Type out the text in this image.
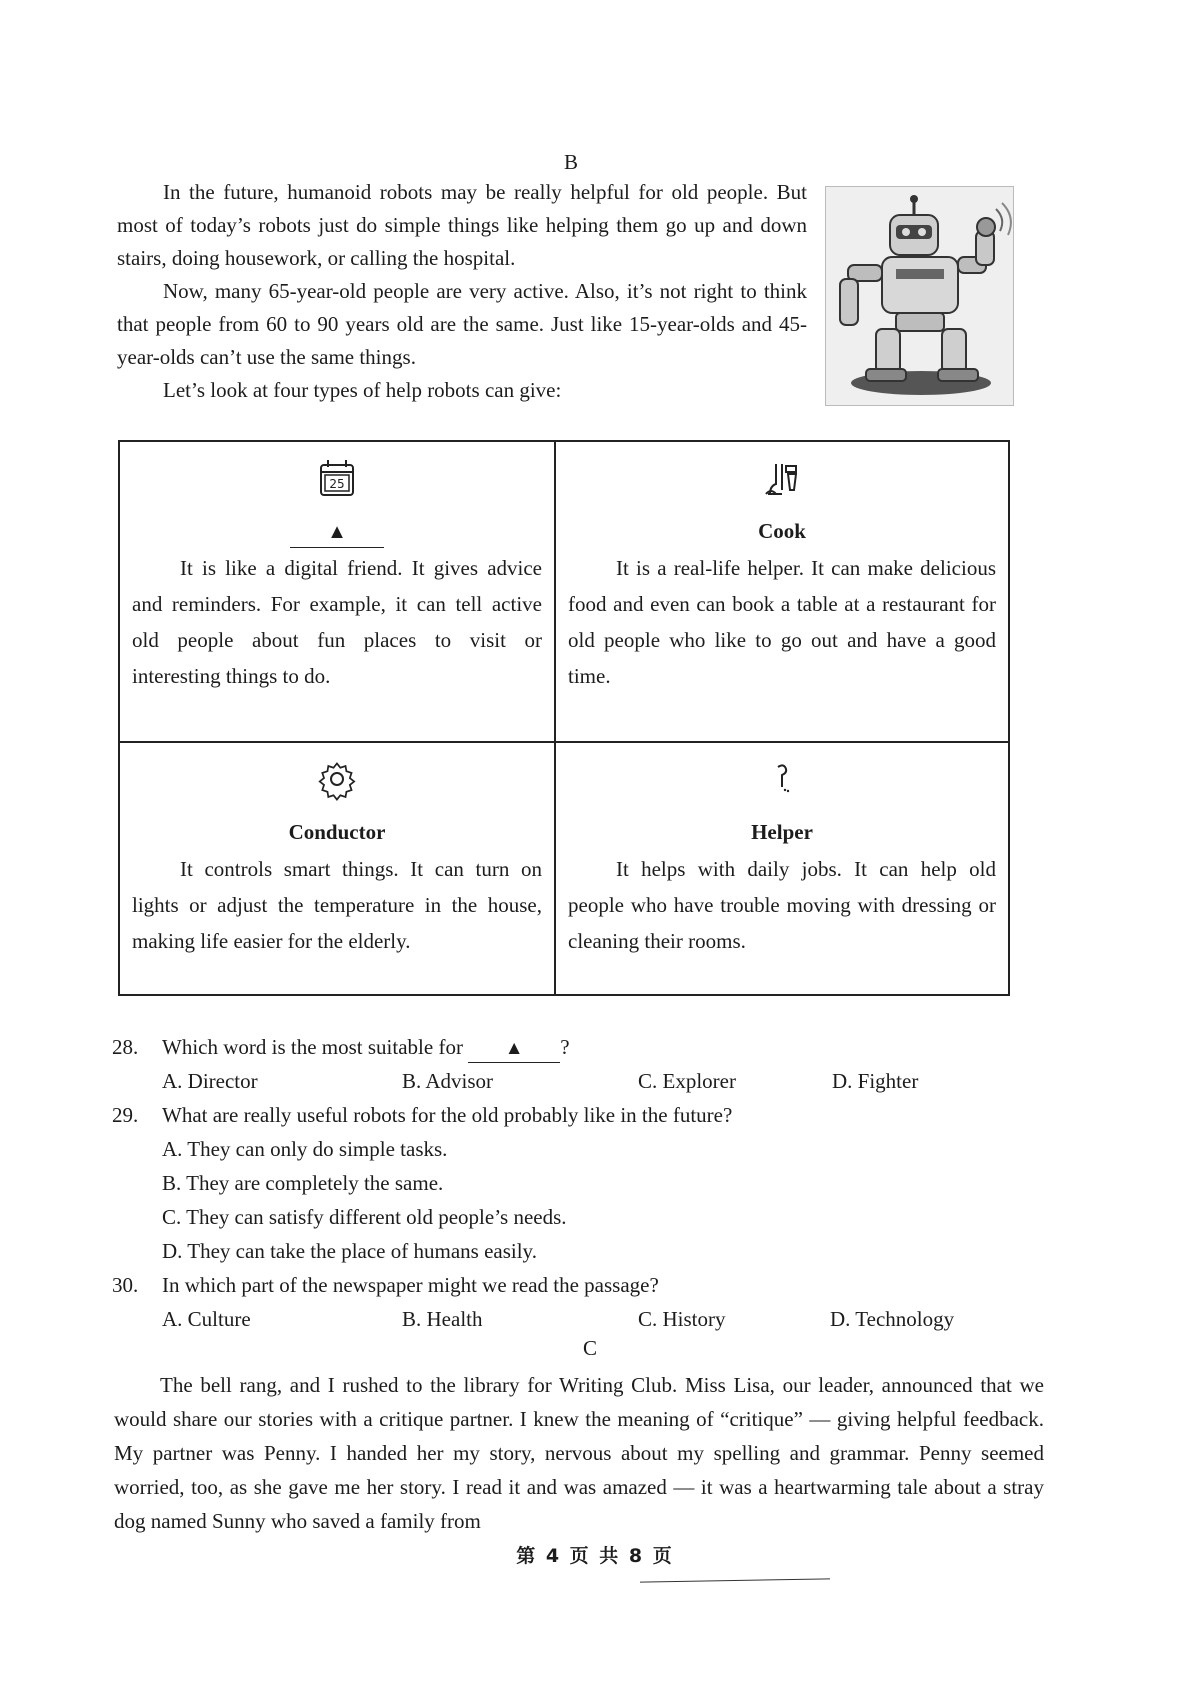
B

In the future, humanoid robots may be really helpful for old people. But most of today’s robots just do simple things like helping them go up and down stairs, doing housework, or calling the hospital.

Now, many 65-year-old people are very active. Also, it’s not right to think that people from 60 to 90 years old are the same. Just like 15-year-olds and 45-year-olds can’t use the same things.

Let’s look at four types of help robots can give:

25
▲

It is like a digital friend. It gives advice and reminders. For example, it can tell active old people about fun places to visit or interesting things to do.

Cook

It is a real-life helper. It can make delicious food and even can book a table at a restaurant for old people who like to go out and have a good time.

Conductor

It controls smart things. It can turn on lights or adjust the temperature in the house, making life easier for the elderly.

Helper

It helps with daily jobs. It can help old people who have trouble moving with dressing or cleaning their rooms.

28.	Which word is the most suitable for ▲ ?
A. Director	B. Advisor	C. Explorer	D. Fighter
29.	What are really useful robots for the old probably like in the future?
A. They can only do simple tasks.
B. They are completely the same.
C. They can satisfy different old people’s needs.
D. They can take the place of humans easily.
30.	In which part of the newspaper might we read the passage?
A. Culture	B. Health	C. History	D. Technology
C

The bell rang, and I rushed to the library for Writing Club. Miss Lisa, our leader, announced that we would share our stories with a critique partner. I knew the meaning of “critique” — giving helpful feedback. My partner was Penny. I handed her my story, nervous about my spelling and grammar. Penny seemed worried, too, as she gave me her story. I read it and was amazed — it was a heartwarming tale about a stray dog named Sunny who saved a family from

第 4 页 共 8 页
